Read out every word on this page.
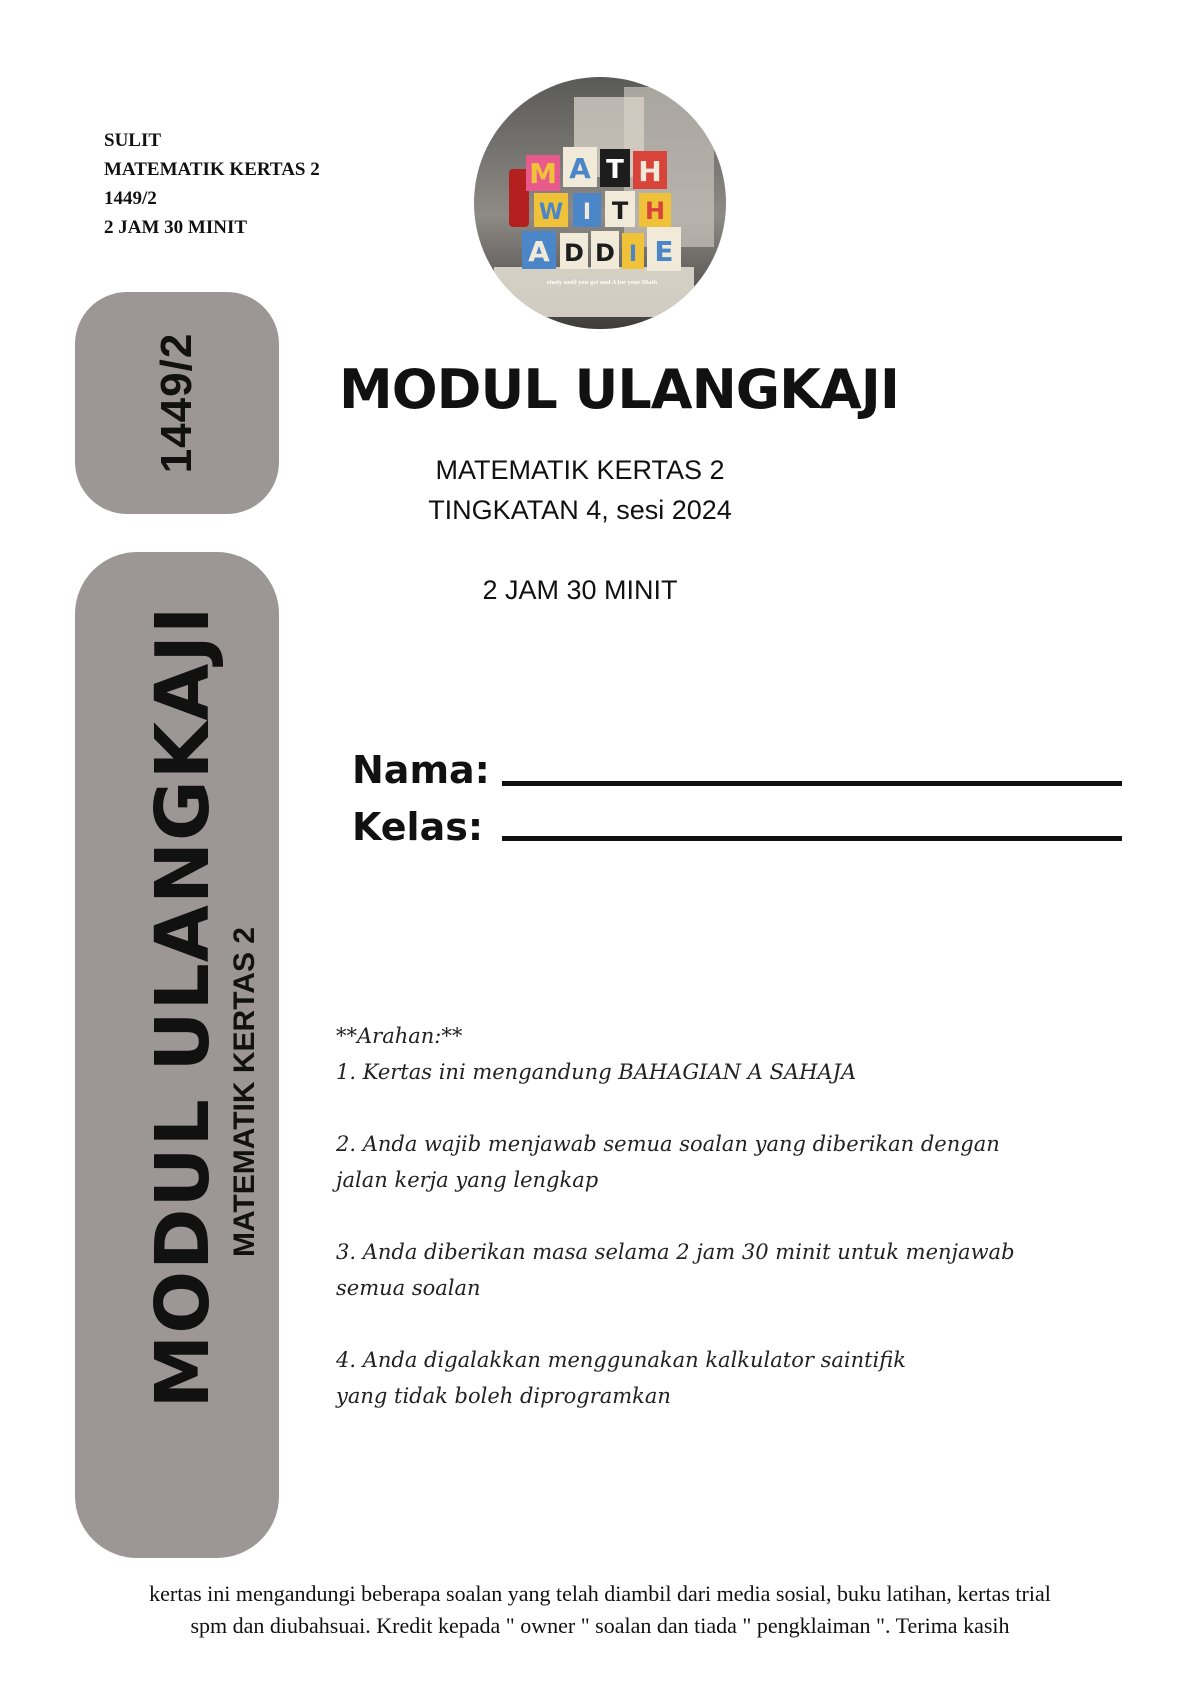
SULIT
MATEMATIK KERTAS 2
1449/2
2 JAM 30 MINIT
M A T H
W I T H
A D D I E
study until you get and A for your Math
1449/2
MODUL ULANGKAJI MATEMATIK KERTAS 2
MODUL ULANGKAJI
MATEMATIK KERTAS 2
TINGKATAN 4, sesi 2024
2 JAM 30 MINIT
Nama:
Kelas:
**Arahan:**
1. Kertas ini mengandung BAHAGIAN A SAHAJA
2. Anda wajib menjawab semua soalan yang diberikan dengan
jalan kerja yang lengkap
3. Anda diberikan masa selama 2 jam 30 minit untuk menjawab
semua soalan
4. Anda digalakkan menggunakan kalkulator saintifik
yang tidak boleh diprogramkan
kertas ini mengandungi beberapa soalan yang telah diambil dari media sosial, buku latihan, kertas trial
spm dan diubahsuai. Kredit kepada " owner " soalan dan tiada " pengklaiman ". Terima kasih
